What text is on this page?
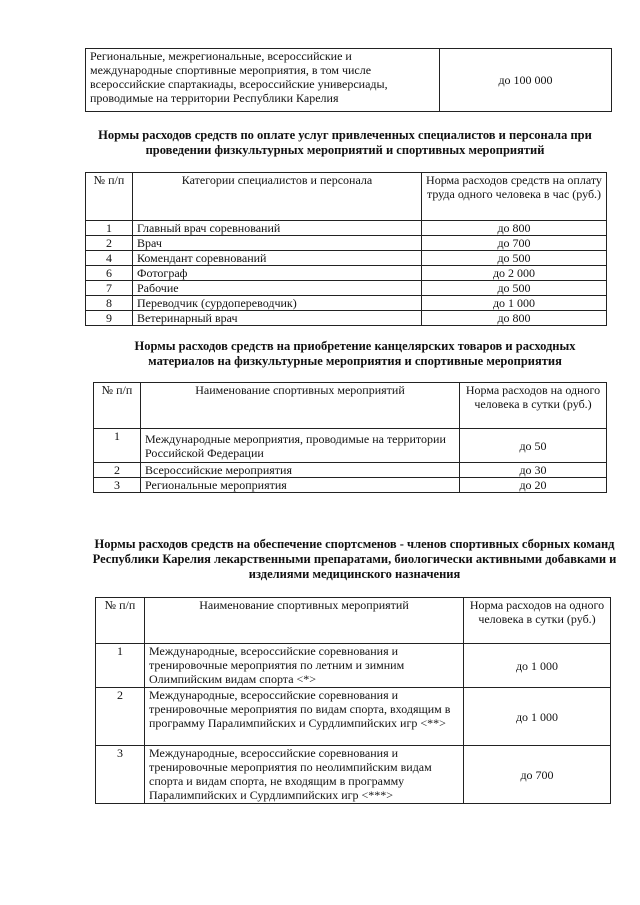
Региональные, межрегиональные, всероссийские и международные спортивные мероприятия, в том числе всероссийские спартакиады, всероссийские универсиады, проводимые на территории Республики Карелия	до 100 000
Нормы расходов средств по оплате услуг привлеченных специалистов и персонала при проведении физкультурных мероприятий и спортивных мероприятий
№ п/п	Категории специалистов и персонала	Норма расходов средств на оплату труда одного человека в час (руб.)
1	Главный врач соревнований	до 800
2	Врач	до 700
4	Комендант соревнований	до 500
6	Фотограф	до 2 000
7	Рабочие	до 500
8	Переводчик (сурдопереводчик)	до 1 000
9	Ветеринарный врач	до 800
Нормы расходов средств на приобретение канцелярских товаров и расходных материалов на физкультурные мероприятия и спортивные мероприятия
№ п/п	Наименование спортивных мероприятий	Норма расходов на одного человека в сутки (руб.)
1	Международные мероприятия, проводимые на территории Российской Федерации	до 50
2	Всероссийские мероприятия	до 30
3	Региональные мероприятия	до 20
Нормы расходов средств на обеспечение спортсменов - членов спортивных сборных команд Республики Карелия лекарственными препаратами, биологически активными добавками и изделиями медицинского назначения
№ п/п	Наименование спортивных мероприятий	Норма расходов на одного человека в сутки (руб.)
1	Международные, всероссийские соревнования и тренировочные мероприятия по летним и зимним Олимпийским видам спорта <*>	до 1 000
2	Международные, всероссийские соревнования и тренировочные мероприятия по видам спорта, входящим в программу Паралимпийских и Сурдлимпийских игр <**>	до 1 000
3	Международные, всероссийские соревнования и тренировочные мероприятия по неолимпийским видам спорта и видам спорта, не входящим в программу Паралимпийских и Сурдлимпийских игр <***>	до 700
